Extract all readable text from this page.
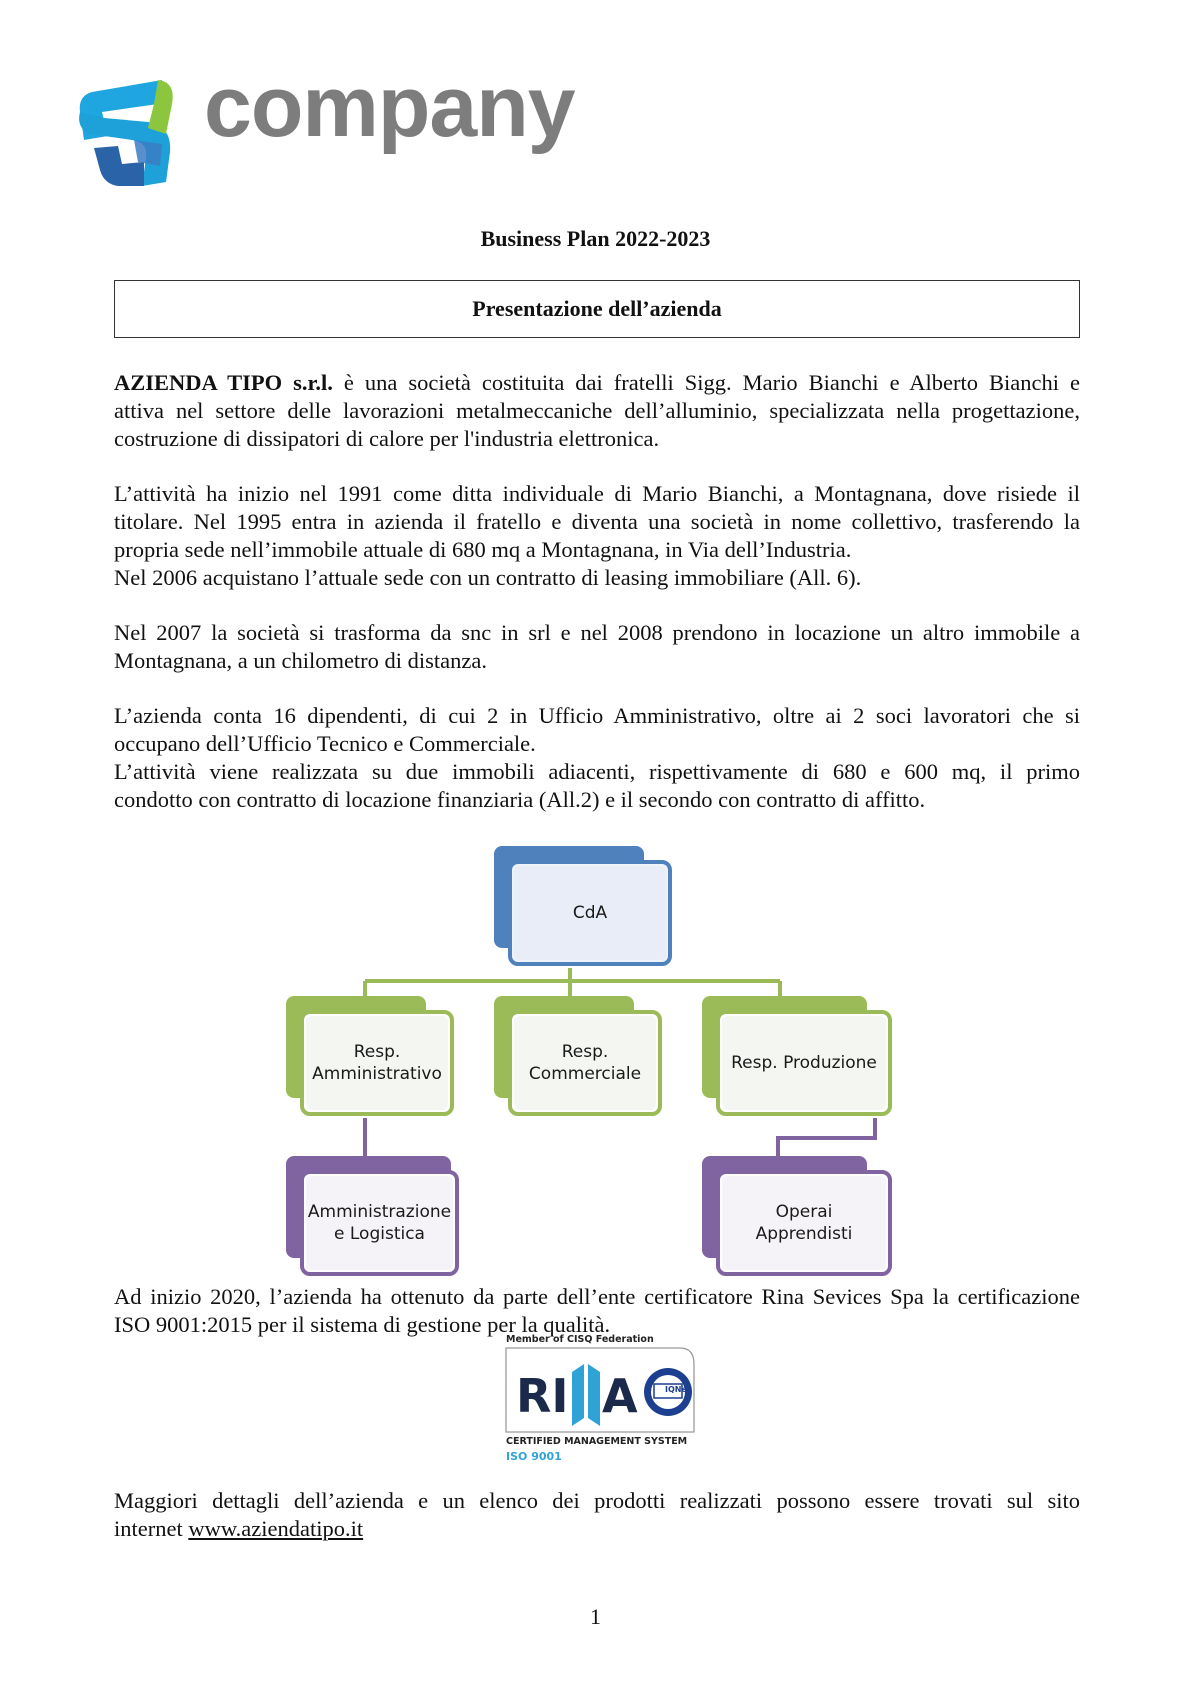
company
Business Plan 2022-2023
Presentazione dell’azienda

AZIENDA TIPO s.r.l. è una società costituita dai fratelli Sigg. Mario Bianchi e Alberto Bianchi e
attiva nel settore delle lavorazioni metalmeccaniche dell’alluminio, specializzata nella progettazione,
costruzione di dissipatori di calore per l'industria elettronica.

L’attività ha inizio nel 1991 come ditta individuale di Mario Bianchi, a Montagnana, dove risiede il
titolare. Nel 1995 entra in azienda il fratello e diventa una società in nome collettivo, trasferendo la
propria sede nell’immobile attuale di 680 mq a Montagnana, in Via dell’Industria.
Nel 2006 acquistano l’attuale sede con un contratto di leasing immobiliare (All. 6).

Nel 2007 la società si trasforma da snc in srl e nel 2008 prendono in locazione un altro immobile a
Montagnana, a un chilometro di distanza.

L’azienda conta 16 dipendenti, di cui 2 in Ufficio Amministrativo, oltre ai 2 soci lavoratori che si
occupano dell’Ufficio Tecnico e Commerciale.
L’attività viene realizzata su due immobili adiacenti, rispettivamente di 680 e 600 mq, il primo
condotto con contratto di locazione finanziaria (All.2) e il secondo con contratto di affitto.

CdA
Resp.
Amministrativo
Resp.
Commerciale
Resp. Produzione
Amministrazione
e Logistica
Operai
Apprendisti

Ad inizio 2020, l’azienda ha ottenuto da parte dell’ente certificatore Rina Sevices Spa la certificazione
ISO 9001:2015 per il sistema di gestione per la qualità.

Member of CISQ Federation
RI A	IQNet
CERTIFIED MANAGEMENT SYSTEM
ISO 9001

Maggiori dettagli dell’azienda e un elenco dei prodotti realizzati possono essere trovati sul sito
internet www.aziendatipo.it

1
